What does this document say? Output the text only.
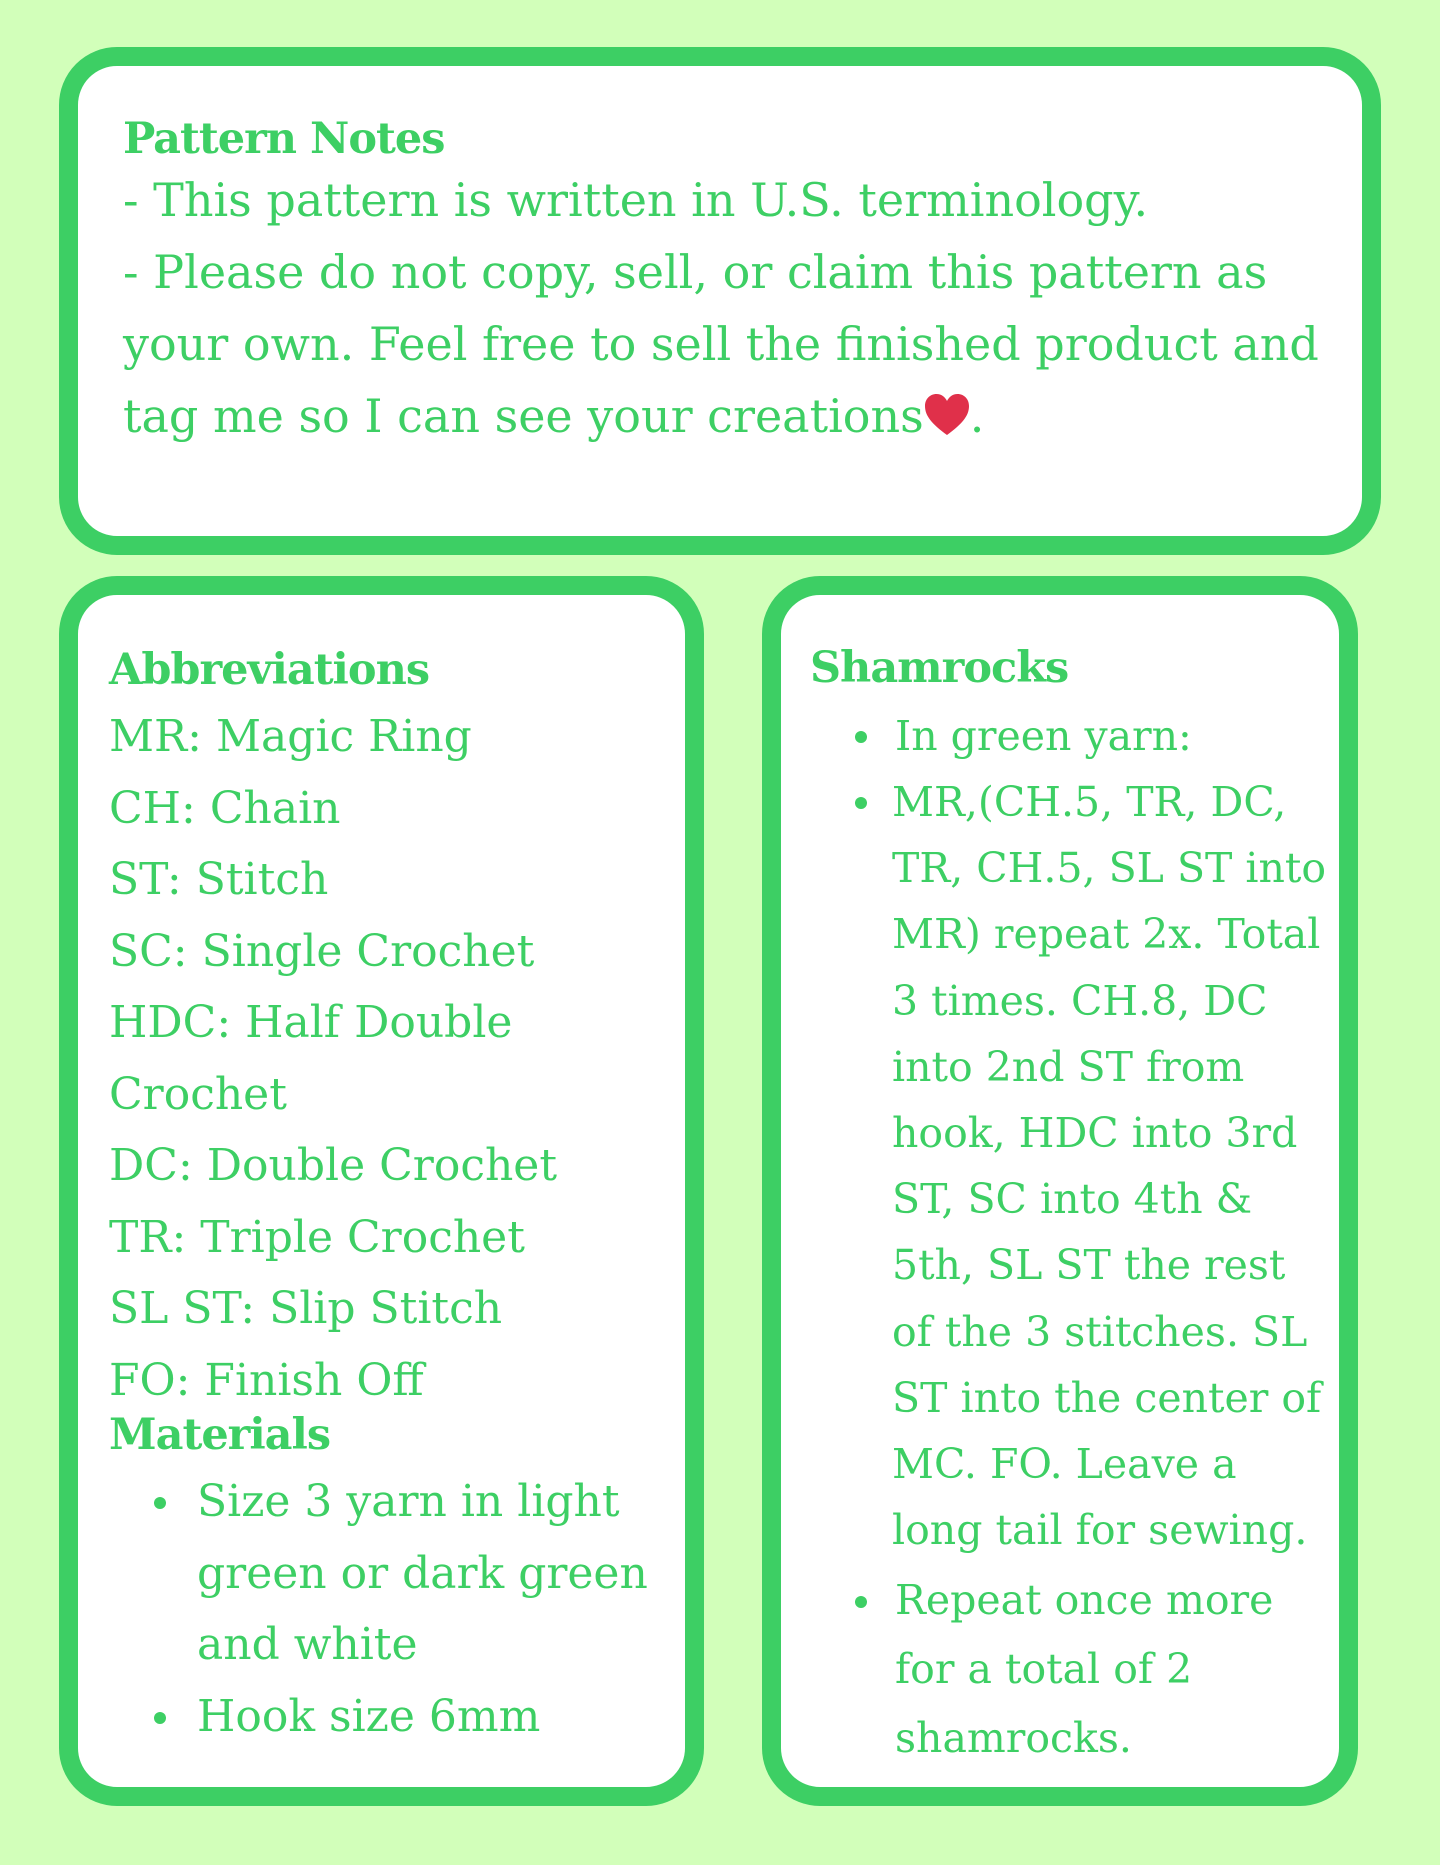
Pattern Notes

- This pattern is written in U.S. terminology.
- Please do not copy, sell, or claim this pattern as your own. Feel free to sell the finished product and tag me so I can see your creations .

Abbreviations
MR: Magic Ring
CH: Chain
ST: Stitch
SC: Single Crochet
HDC: Half Double
Crochet
DC: Double Crochet
TR: Triple Crochet
SL ST: Slip Stitch
FO: Finish Off
Materials
Size 3 yarn in light green or dark green and white
Hook size 6mm
Shamrocks
In green yarn:
MR,(CH.5, TR, DC, TR, CH.5, SL ST into MR) repeat 2x. Total 3 times. CH.8, DC into 2nd ST from hook, HDC into 3rd ST, SC into 4th & 5th, SL ST the rest of the 3 stitches. SL ST into the center of MC. FO. Leave a long tail for sewing.
Repeat once more for a total of 2 shamrocks.
